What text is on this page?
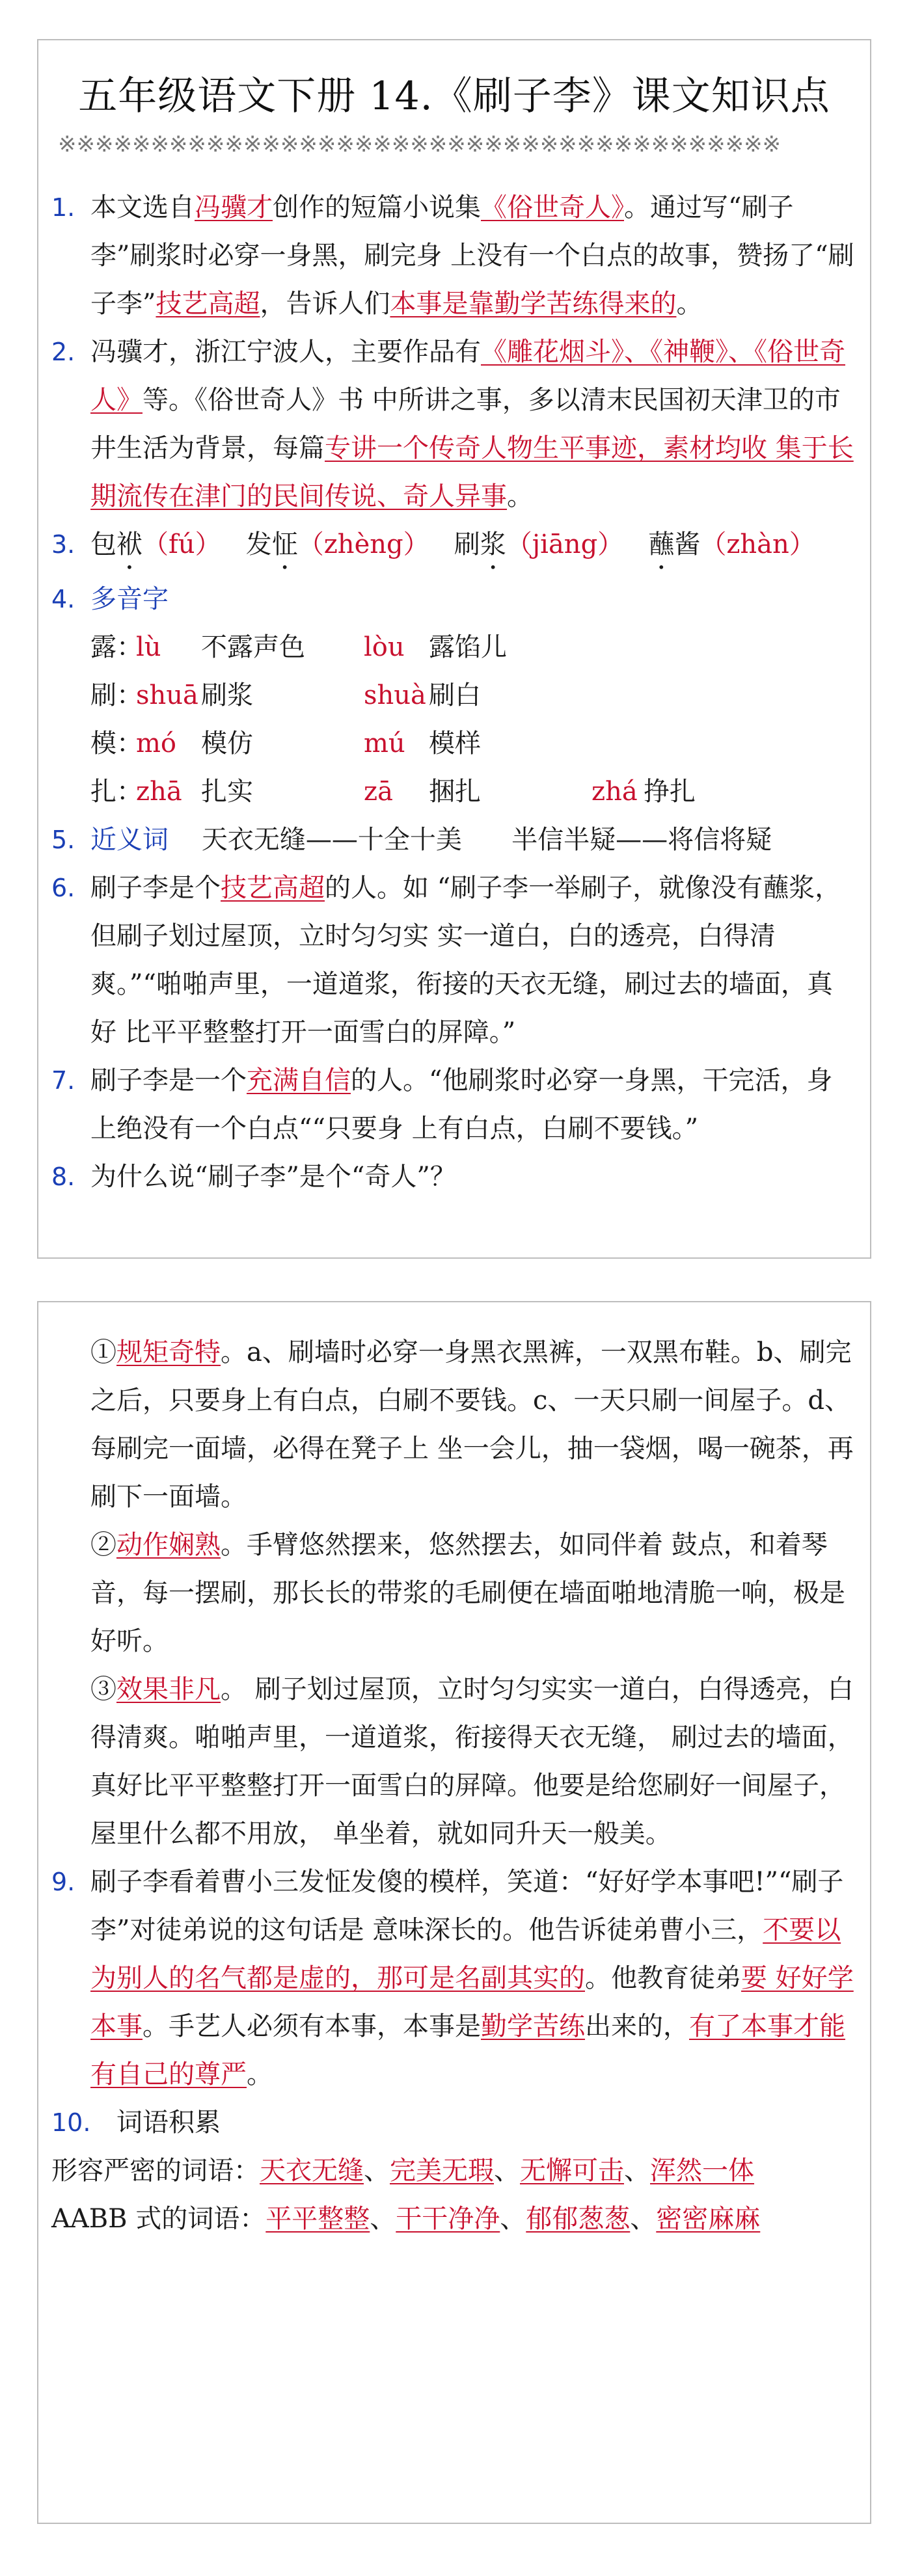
五年级语文下册 14.《刷子李》课文知识点
※※※※※※※※※※※※※※※※※※※※※※※※※※※※※※※※※※※※※※※
1. 本文选自冯骥才创作的短篇小说集《俗世奇人》。通过写“刷子李”刷浆时必穿一身黑，刷完身 上没有一个白点的故事，赞扬了“刷子李”技艺高超，告诉人们本事是靠勤学苦练得来的。
2. 冯骥才，浙江宁波人，主要作品有《雕花烟斗》、《神鞭》、《俗世奇人》等。《俗世奇人》书 中所讲之事，多以清末民国初天津卫的市井生活为背景，每篇专讲一个传奇人物生平事迹，素材均收 集于长期流传在津门的民间传说、奇人异事。
3. 包袱（fú） 发怔（zhèng） 刷浆（jiāng） 蘸酱（zhàn）
4. 多音字
露：
lù	不露声色	lòu 露馅儿
刷：
shuā 刷浆	shuà 刷白
模：
mó 模仿	mú 模样
扎：
zhā 扎实	zā	捆扎	zhá 挣扎
5. 近义词 天衣无缝——十全十美 半信半疑——将信将疑
6. 刷子李是个技艺高超的人。如 “刷子李一举刷子，就像没有蘸浆，但刷子划过屋顶，立时匀匀实 实一道白，白的透亮，白得清爽。”“啪啪声里，一道道浆，衔接的天衣无缝，刷过去的墙面，真好 比平平整整打开一面雪白的屏障。”
7. 刷子李是一个充满自信的人。“他刷浆时必穿一身黑，干完活，身上绝没有一个白点““只要身 上有白点，白刷不要钱。”
8. 为什么说“刷子李”是个“奇人”？
①规矩奇特。a、刷墙时必穿一身黑衣黑裤，一双黑布鞋。b、刷完之后，只要身上有白点，白刷不要钱。c、一天只刷一间屋子。d、每刷完一面墙，必得在凳子上 坐一会儿，抽一袋烟，喝一碗茶，再刷下一面墙。
②动作娴熟。手臂悠然摆来，悠然摆去，如同伴着 鼓点，和着琴音，每一摆刷，那长长的带浆的毛刷便在墙面啪地清脆一响，极是好听。
③效果非凡。 刷子划过屋顶，立时匀匀实实一道白，白得透亮，白得清爽。啪啪声里，一道道浆，衔接得天衣无缝， 刷过去的墙面，真好比平平整整打开一面雪白的屏障。他要是给您刷好一间屋子，屋里什么都不用放， 单坐着，就如同升天一般美。
9. 刷子李看着曹小三发怔发傻的模样，笑道：“好好学本事吧!”“刷子李”对徒弟说的这句话是 意味深长的。他告诉徒弟曹小三，不要以为别人的名气都是虚的，那可是名副其实的。他教育徒弟要 好好学本事。手艺人必须有本事，本事是勤学苦练出来的，有了本事才能有自己的尊严。
10. 词语积累
形容严密的词语：天衣无缝、完美无瑕、无懈可击、浑然一体
AABB 式的词语：平平整整、干干净净、郁郁葱葱、密密麻麻
